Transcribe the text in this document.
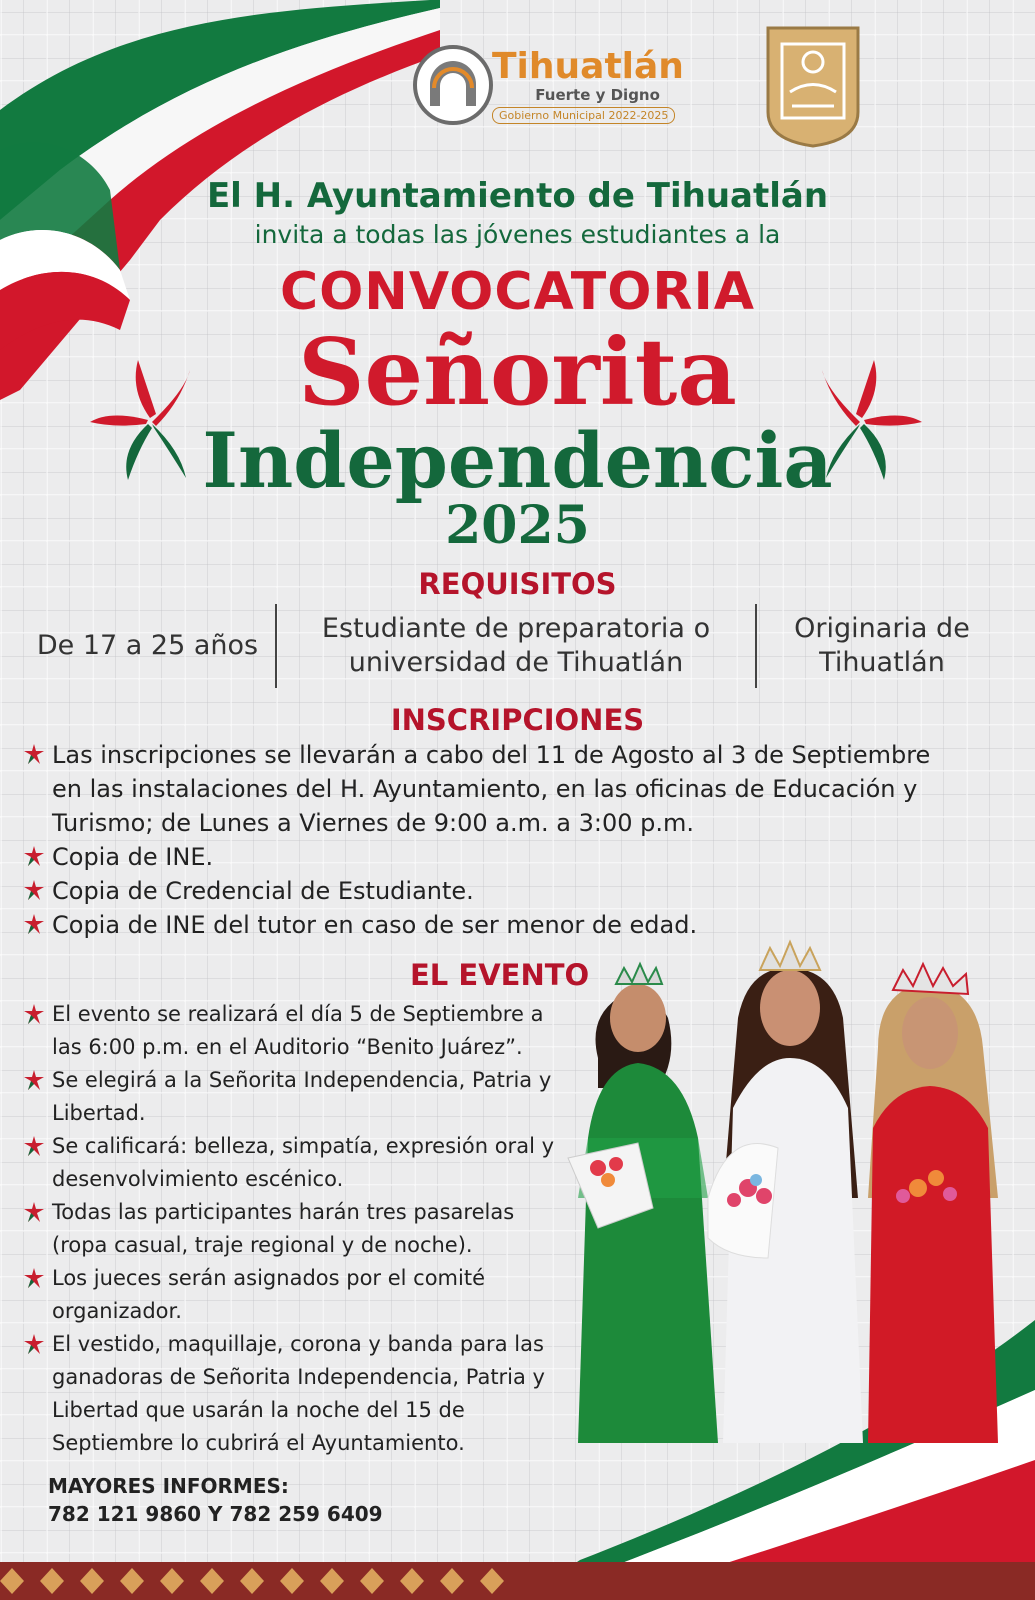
Tihuatlán
Fuerte y Digno
Gobierno Municipal 2022-2025
El H. Ayuntamiento de Tihuatlán
invita a todas las jóvenes estudiantes a la
CONVOCATORIA
Señorita
Independencia
2025
REQUISITOS
De 17 a 25 años
Estudiante de preparatoria o universidad de Tihuatlán
Originaria de Tihuatlán
INSCRIPCIONES
Las inscripciones se llevarán a cabo del 11 de Agosto al 3 de Septiembre en las instalaciones del H. Ayuntamiento, en las oficinas de Educación y Turismo; de Lunes a Viernes de 9:00 a.m. a 3:00 p.m.
Copia de INE.
Copia de Credencial de Estudiante.
Copia de INE del tutor en caso de ser menor de edad.
EL EVENTO
El evento se realizará el día 5 de Septiembre a las 6:00 p.m. en el Auditorio “Benito Juárez”.
Se elegirá a la Señorita Independencia, Patria y Libertad.
Se calificará: belleza, simpatía, expresión oral y desenvolvimiento escénico.
Todas las participantes harán tres pasarelas (ropa casual, traje regional y de noche).
Los jueces serán asignados por el comité organizador.
El vestido, maquillaje, corona y banda para las ganadoras de Señorita Independencia, Patria y Libertad que usarán la noche del 15 de Septiembre lo cubrirá el Ayuntamiento.
MAYORES INFORMES:
782 121 9860 Y 782 259 6409
